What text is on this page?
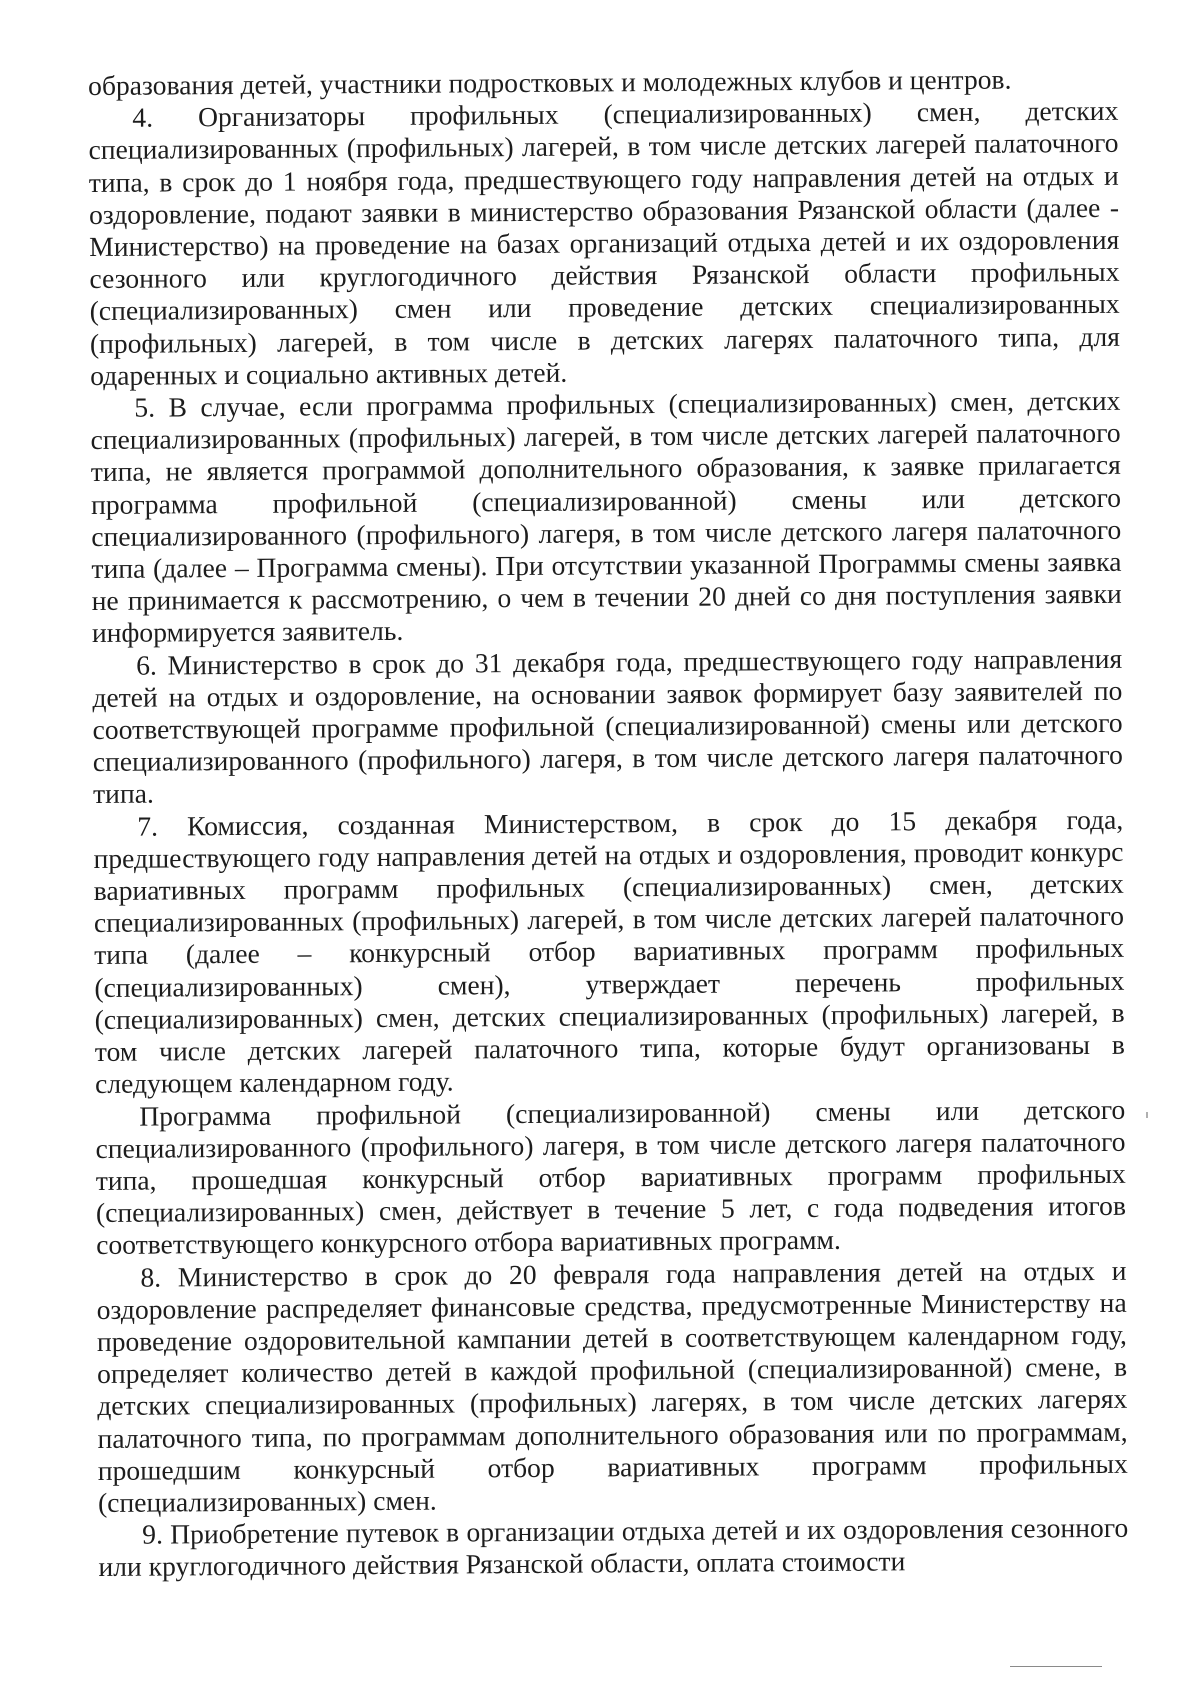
образования детей, участники подростковых и молодежных клубов и центров.

4. Организаторы профильных (специализированных) смен, детских специализированных (профильных) лагерей, в том числе детских лагерей палаточного типа, в срок до 1 ноября года, предшествующего году направления детей на отдых и оздоровление, подают заявки в министерство образования Рязанской области (далее - Министерство) на проведение на базах организаций отдыха детей и их оздоровления сезонного или круглогодичного действия Рязанской области профильных (специализированных) смен или проведение детских специализированных (профильных) лагерей, в том числе в детских лагерях палаточного типа, для одаренных и социально активных детей.

5. В случае, если программа профильных (специализированных) смен, детских специализированных (профильных) лагерей, в том числе детских лагерей палаточного типа, не является программой дополнительного образования, к заявке прилагается программа профильной (специализированной) смены или детского специализированного (профильного) лагеря, в том числе детского лагеря палаточного типа (далее – Программа смены). При отсутствии указанной Программы смены заявка не принимается к рассмотрению, о чем в течении 20 дней со дня поступления заявки информируется заявитель.

6. Министерство в срок до 31 декабря года, предшествующего году направления детей на отдых и оздоровление, на основании заявок формирует базу заявителей по соответствующей программе профильной (специализированной) смены или детского специализированного (профильного) лагеря, в том числе детского лагеря палаточного типа.

7. Комиссия, созданная Министерством, в срок до 15 декабря года, предшествующего году направления детей на отдых и оздоровления, проводит конкурс вариативных программ профильных (специализированных) смен, детских специализированных (профильных) лагерей, в том числе детских лагерей палаточного типа (далее – конкурсный отбор вариативных программ профильных (специализированных) смен), утверждает перечень профильных (специализированных) смен, детских специализированных (профильных) лагерей, в том числе детских лагерей палаточного типа, которые будут организованы в следующем календарном году.

Программа профильной (специализированной) смены или детского специализированного (профильного) лагеря, в том числе детского лагеря палаточного типа, прошедшая конкурсный отбор вариативных программ профильных (специализированных) смен, действует в течение 5 лет, с года подведения итогов соответствующего конкурсного отбора вариативных программ.

8. Министерство в срок до 20 февраля года направления детей на отдых и оздоровление распределяет финансовые средства, предусмотренные Министерству на проведение оздоровительной кампании детей в соответствующем календарном году, определяет количество детей в каждой профильной (специализированной) смене, в детских специализированных (профильных) лагерях, в том числе детских лагерях палаточного типа, по программам дополнительного образования или по программам, прошедшим конкурсный отбор вариативных программ профильных (специализированных) смен.

9. Приобретение путевок в организации отдыха детей и их оздоровления сезонного или круглогодичного действия Рязанской области, оплата стоимости
